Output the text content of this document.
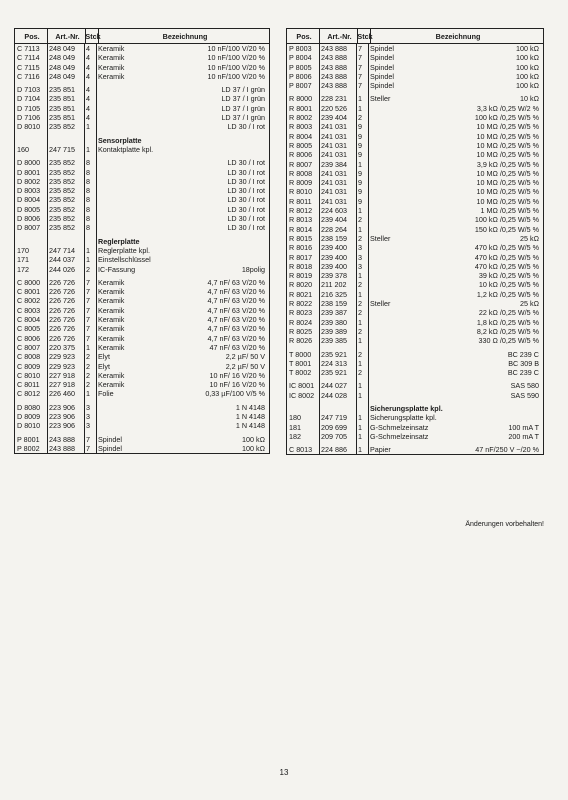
Pos.	Art.-Nr. Stck	Bezeichnung
C 7113	248 049	4	Keramik	10 nF/100 V/20 %
C 7114	248 049	4	Keramik	10 nF/100 V/20 %
C 7115	248 049	4	Keramik	10 nF/100 V/20 %
C 7116	248 049	4	Keramik	10 nF/100 V/20 %
D 7103	235 851	4	LD 37 / I grün
D 7104	235 851	4	LD 37 / I grün
D 7105	235 851	4	LD 37 / I grün
D 7106	235 851	4	LD 37 / I grün
D 8010	235 852	1	LD 30 / I rot
Sensorplatte
160	247 715	1	Kontaktplatte kpl.
D 8000	235 852	8	LD 30 / I rot
D 8001	235 852	8	LD 30 / I rot
D 8002	235 852	8	LD 30 / I rot
D 8003	235 852	8	LD 30 / I rot
D 8004	235 852	8	LD 30 / I rot
D 8005	235 852	8	LD 30 / I rot
D 8006	235 852	8	LD 30 / I rot
D 8007	235 852	8	LD 30 / I rot
Reglerplatte
170	247 714	1	Reglerplatte kpl.
171	244 037	1	Einstellschlüssel
172	244 026	2	IC-Fassung	18polig
C 8000	226 726	7	Keramik	4,7 nF/ 63 V/20 %
C 8001	226 726	7	Keramik	4,7 nF/ 63 V/20 %
C 8002	226 726	7	Keramik	4,7 nF/ 63 V/20 %
C 8003	226 726	7	Keramik	4,7 nF/ 63 V/20 %
C 8004	226 726	7	Keramik	4,7 nF/ 63 V/20 %
C 8005	226 726	7	Keramik	4,7 nF/ 63 V/20 %
C 8006	226 726	7	Keramik	4,7 nF/ 63 V/20 %
C 8007	220 375	1	Keramik	47 nF/ 63 V/20 %
C 8008	229 923	2	Elyt	2,2 µF/ 50 V
C 8009	229 923	2	Elyt	2,2 µF/ 50 V
C 8010	227 918	2	Keramik	10 nF/ 16 V/20 %
C 8011	227 918	2	Keramik	10 nF/ 16 V/20 %
C 8012	226 460	1	Folie	0,33 µF/100 V/5 %
D 8080	223 906	3	1 N 4148
D 8009	223 906	3	1 N 4148
D 8010	223 906	3	1 N 4148
P 8001	243 888	7	Spindel	100 kΩ
P 8002	243 888	7	Spindel	100 kΩ
Pos.	Art.-Nr. Stck	Bezeichnung
P 8003	243 888	7	Spindel	100 kΩ
P 8004	243 888	7	Spindel	100 kΩ
P 8005	243 888	7	Spindel	100 kΩ
P 8006	243 888	7	Spindel	100 kΩ
P 8007	243 888	7	Spindel	100 kΩ
R 8000	228 231	1	Steller	10 kΩ
R 8001	220 526	1	3,3 kΩ /0,25 W/2 %
R 8002	239 404	2	100 kΩ /0,25 W/5 %
R 8003	241 031	9	10 MΩ /0,25 W/5 %
R 8004	241 031	9	10 MΩ /0,25 W/5 %
R 8005	241 031	9	10 MΩ /0,25 W/5 %
R 8006	241 031	9	10 MΩ /0,25 W/5 %
R 8007	239 384	1	3,9 kΩ /0,25 W/5 %
R 8008	241 031	9	10 MΩ /0,25 W/5 %
R 8009	241 031	9	10 MΩ /0,25 W/5 %
R 8010	241 031	9	10 MΩ /0,25 W/5 %
R 8011	241 031	9	10 MΩ /0,25 W/5 %
R 8012	224 603	1	1 MΩ /0,25 W/5 %
R 8013	239 404	2	100 kΩ /0,25 W/5 %
R 8014	228 264	1	150 kΩ /0,25 W/5 %
R 8015	238 159	2	Steller	25 kΩ
R 8016	239 400	3	470 kΩ /0,25 W/5 %
R 8017	239 400	3	470 kΩ /0,25 W/5 %
R 8018	239 400	3	470 kΩ /0,25 W/5 %
R 8019	239 378	1	39 kΩ /0,25 W/5 %
R 8020	211 202	2	10 kΩ /0,25 W/5 %
R 8021	216 325	1	1,2 kΩ /0,25 W/5 %
R 8022	238 159	2	Steller	25 kΩ
R 8023	239 387	2	22 kΩ /0,25 W/5 %
R 8024	239 380	1	1,8 kΩ /0,25 W/5 %
R 8025	239 389	2	8,2 kΩ /0,25 W/5 %
R 8026	239 385	1	330 Ω /0,25 W/5 %
T 8000	235 921	2	BC 239 C
T 8001	224 313	1	BC 309 B
T 8002	235 921	2	BC 239 C
IC 8001 244 027	1	SAS 580
IC 8002 244 028	1	SAS 590
Sicherungsplatte kpl.
180	247 719	1	Sicherungsplatte kpl.
181	209 699	1	G-Schmelzeinsatz	100 mA T
182	209 705	1	G-Schmelzeinsatz	200 mA T
C 8013	224 886	1	Papier	47 nF/250 V ~/20 %
Änderungen vorbehalten!
13
